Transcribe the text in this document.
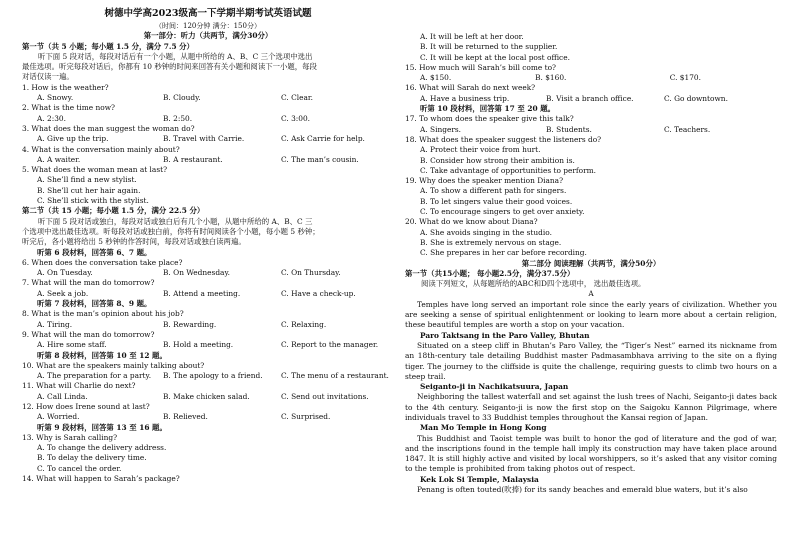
树德中学高2023级高一下学期半期考试英语试题
（时间：120分钟 满分：150分）
第一部分：听力（共两节，满分30分）
第一节（共 5 小题；每小题 1.5 分，满分 7.5 分）
听下面 5 段对话，每段对话后有一个小题，从题中所给的 A、B、C 三个选项中选出
最佳选项。听完每段对话后，你都有 10 秒钟的时间来回答有关小题和阅读下一小题，每段
对话仅读一遍。
1. How is the weather?
A. Snowy.	B. Cloudy.	C. Clear.
2. What is the time now?
A. 2:30.	B. 2:50.	C. 3:00.
3. What does the man suggest the woman do?
A. Give up the trip.	B. Travel with Carrie.	C. Ask Carrie for help.
4. What is the conversation mainly about?
A. A waiter.	B. A restaurant.	C. The man’s cousin.
5. What does the woman mean at last?
A. She’ll find a new stylist.
B. She’ll cut her hair again.
C. She’ll stick with the stylist.
第二节（共 15 小题；每小题 1.5 分，满分 22.5 分）
听下面 5 段对话或独白，每段对话或独白后有几个小题，从题中所给的 A、B、C 三
个选项中选出最佳选项。听每段对话或独白前，你将有时间阅读各个小题，每小题 5 秒钟；
听完后，各小题将给出 5 秒钟的作答时间，每段对话或独白读两遍。
听第 6 段材料，回答第 6、7 题。
6. When does the conversation take place?
A. On Tuesday.	B. On Wednesday.	C. On Thursday.
7. What will the man do tomorrow?
A. Seek a job.	B. Attend a meeting.	C. Have a check-up.
听第 7 段材料，回答第 8、9 题。
8. What is the man’s opinion about his job?
A. Tiring.	B. Rewarding.	C. Relaxing.
9. What will the man do tomorrow?
A. Hire some staff.	B. Hold a meeting.	C. Report to the manager.
听第 8 段材料，回答第 10 至 12 题。
10. What are the speakers mainly talking about?
A. The preparation for a party.	B. The apology to a friend.	C. The menu of a restaurant.
11. What will Charlie do next?
A. Call Linda.	B. Make chicken salad.	C. Send out invitations.
12. How does Irene sound at last?
A. Worried.	B. Relieved.	C. Surprised.
听第 9 段材料，回答第 13 至 16 题。
13. Why is Sarah calling?
A. To change the delivery address.
B. To delay the delivery time.
C. To cancel the order.
14. What will happen to Sarah’s package?
A. It will be left at her door.
B. It will be returned to the supplier.
C. It will be kept at the local post office.
15. How much will Sarah’s bill come to?
A. $150.	B. $160.	C. $170.
16. What will Sarah do next week?
A. Have a business trip.	B. Visit a branch office.	C. Go downtown.
听第 10 段材料，回答第 17 至 20 题。
17. To whom does the speaker give this talk?
A. Singers.	B. Students.	C. Teachers.
18. What does the speaker suggest the listeners do?
A. Protect their voice from hurt.
B. Consider how strong their ambition is.
C. Take advantage of opportunities to perform.
19. Why does the speaker mention Diana?
A. To show a different path for singers.
B. To let singers value their good voices.
C. To encourage singers to get over anxiety.
20. What do we know about Diana?
A. She avoids singing in the studio.
B. She is extremely nervous on stage.
C. She prepares in her car before recording.
第二部分 阅读理解（共两节，满分50分）
第一节（共15小题； 每小题2.5分，满分37.5分）
阅读下列短文，从每题所给的ABC和D四个选项中， 选出最佳选项。
A
Temples have long served an important role since the early years of civilization. Whether you are seeking a sense of spiritual enlightenment or looking to learn more about a certain religion, these beautiful temples are worth a stop on your vacation.
Paro Taktsang in the Paro Valley, Bhutan
Situated on a steep cliff in Bhutan’s Paro Valley, the “Tiger’s Nest” earned its nickname from an 18th-century tale detailing Buddhist master Padmasambhava arriving to the site on a flying tiger. The journey to the cliffside is quite the challenge, requiring guests to climb two hours on a steep trail.
Seiganto-ji in Nachikatsuura, Japan
Neighboring the tallest waterfall and set against the lush trees of Nachi, Seiganto-ji dates back to the 4th century. Seiganto-ji is now the first stop on the Saigoku Kannon Pilgrimage, where individuals travel to 33 Buddhist temples throughout the Kansai region of Japan.
Man Mo Temple in Hong Kong
This Buddhist and Taoist temple was built to honor the god of literature and the god of war, and the inscriptions found in the temple hall imply its construction may have taken place around 1847. It is still highly active and visited by local worshippers, so it’s asked that any visitor coming to the temple is prohibited from taking photos out of respect.
Kek Lok Si Temple, Malaysia
Penang is often touted(吹捧) for its sandy beaches and emerald blue waters, but it’s also
